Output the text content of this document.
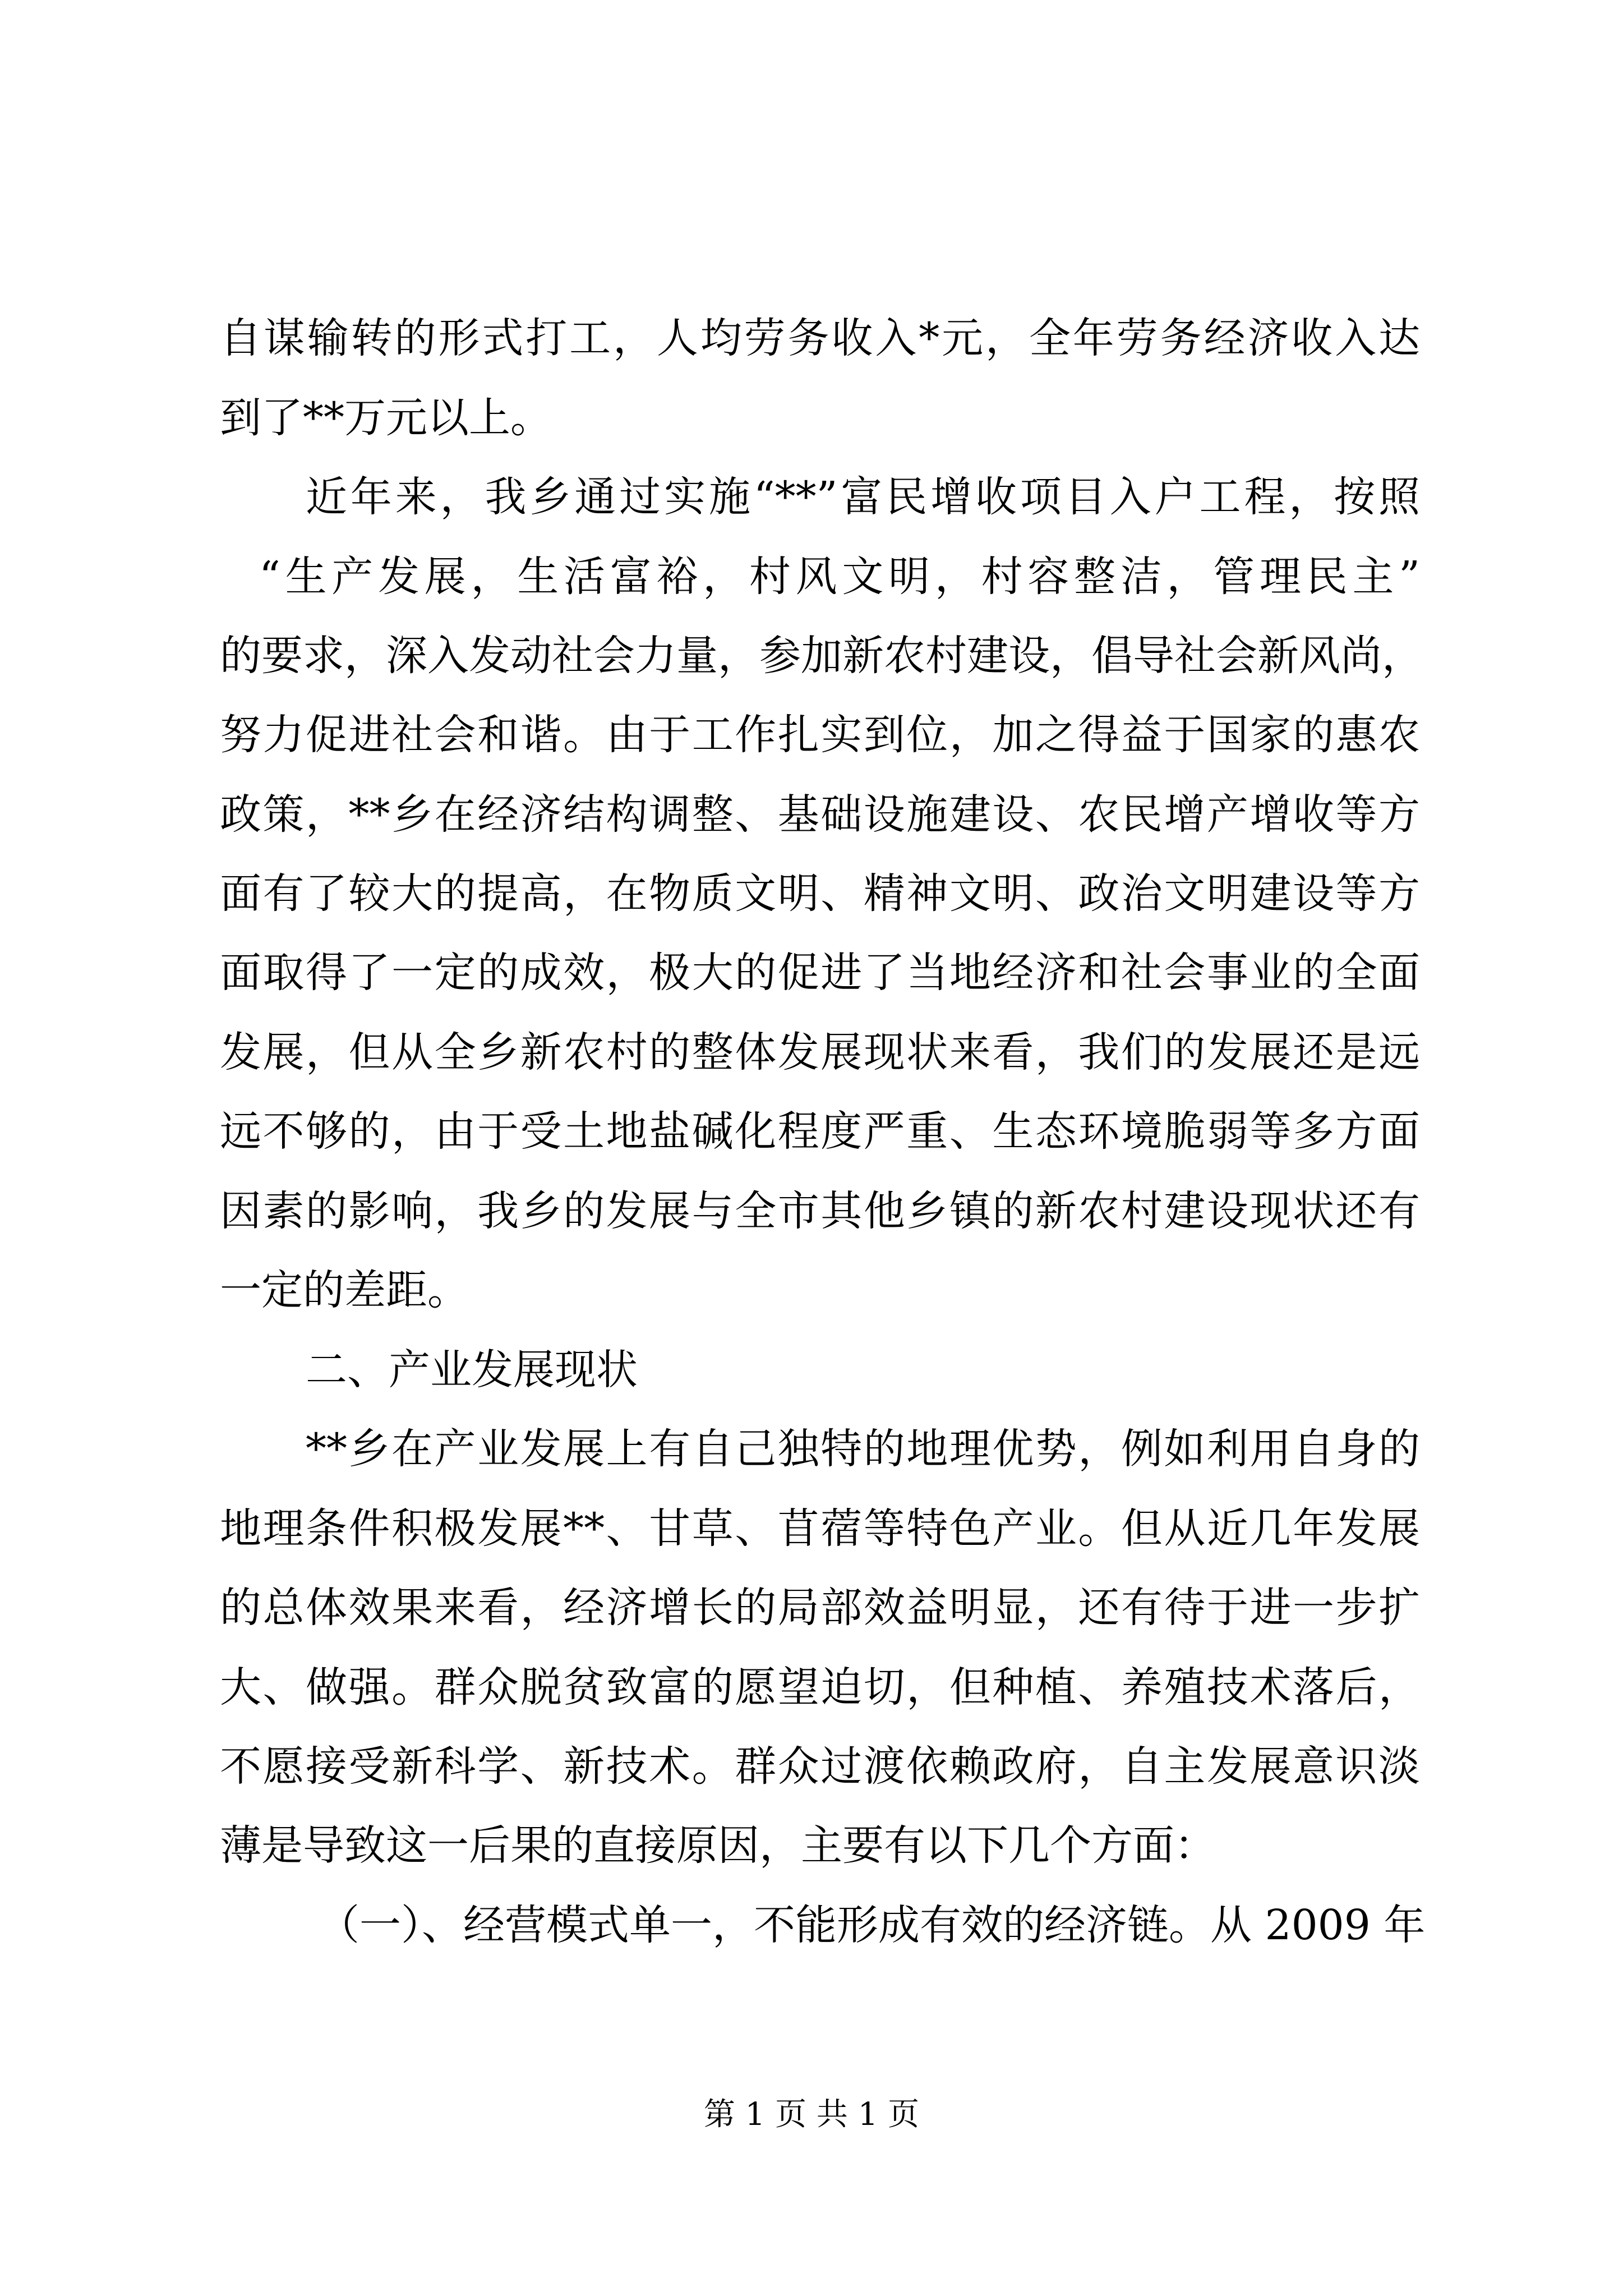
自谋输转的形式打工，人均劳务收入*元，全年劳务经济收入达
到了**万元以上。
近年来，我乡通过实施“**”富民增收项目入户工程，按照
“生产发展，生活富裕，村风文明，村容整洁，管理民主”
的要求，深入发动社会力量，参加新农村建设，倡导社会新风尚，
努力促进社会和谐。由于工作扎实到位，加之得益于国家的惠农
政策，**乡在经济结构调整、基础设施建设、农民增产增收等方
面有了较大的提高，在物质文明、精神文明、政治文明建设等方
面取得了一定的成效，极大的促进了当地经济和社会事业的全面
发展，但从全乡新农村的整体发展现状来看，我们的发展还是远
远不够的，由于受土地盐碱化程度严重、生态环境脆弱等多方面
因素的影响，我乡的发展与全市其他乡镇的新农村建设现状还有
一定的差距。
二、产业发展现状
**乡在产业发展上有自己独特的地理优势，例如利用自身的
地理条件积极发展**、甘草、苜蓿等特色产业。但从近几年发展
的总体效果来看，经济增长的局部效益明显，还有待于进一步扩
大、做强。群众脱贫致富的愿望迫切，但种植、养殖技术落后，
不愿接受新科学、新技术。群众过渡依赖政府，自主发展意识淡
薄是导致这一后果的直接原因，主要有以下几个方面：
（一）、经营模式单一，不能形成有效的经济链。从 2009 年
第 1 页 共 1 页
